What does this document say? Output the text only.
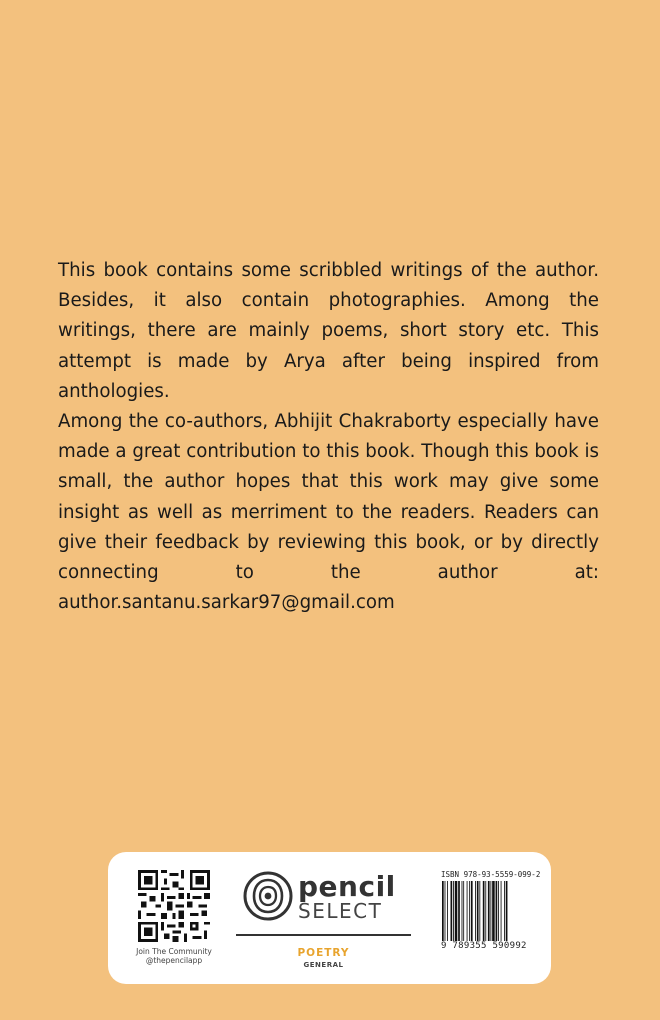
This book contains some scribbled writings of the author. Besides, it also contain photographies. Among the writings, there are mainly poems, short story etc. This attempt is made by Arya after being inspired from anthologies.

Among the co-authors, Abhijit Chakraborty especially have made a great contribution to this book. Though this book is small, the author hopes that this work may give some insight as well as merriment to the readers. Readers can give their feedback by reviewing this book, or by directly connecting to the author at:

author.santanu.sarkar97@gmail.com

Join The Community
@thepencilapp
pencil
SELECT
POETRY
GENERAL
ISBN 978-93-5559-099-2
9 789355 590992
